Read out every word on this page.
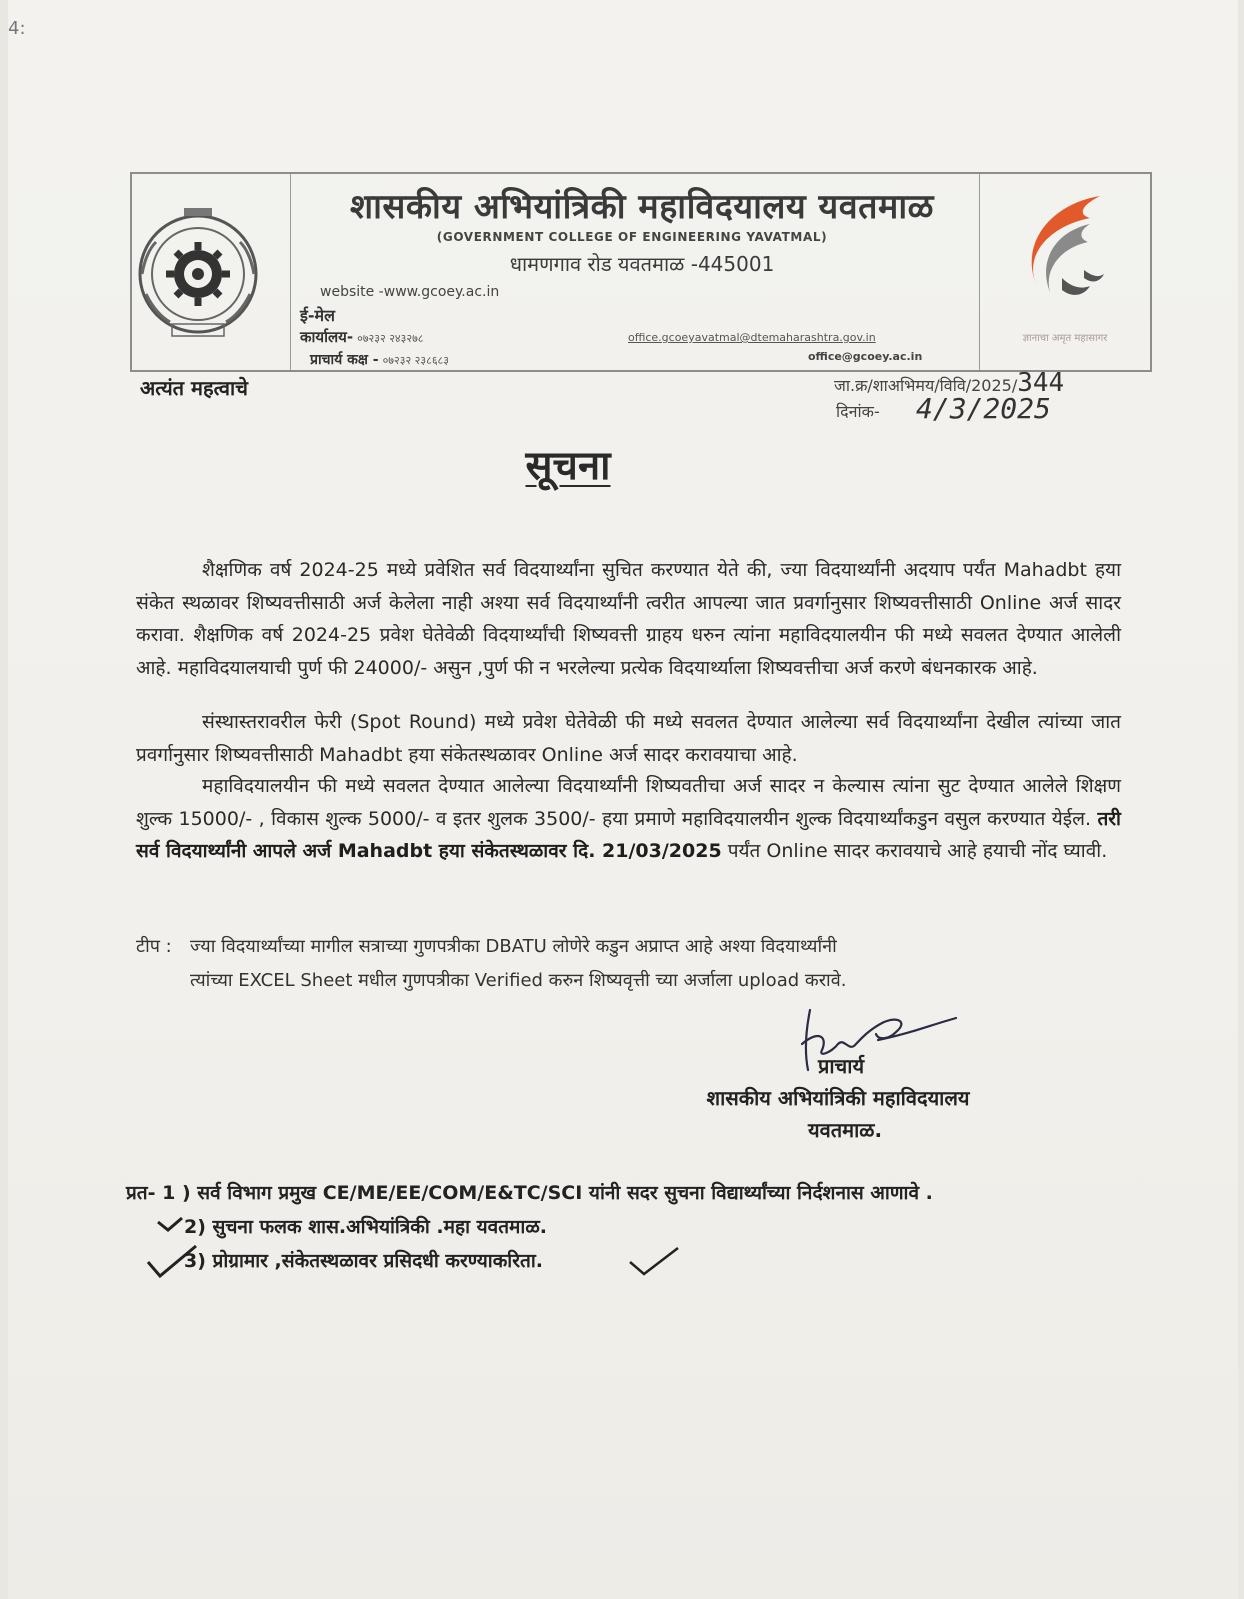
4:
शासकीय अभियांत्रिकी महाविदयालय यवतमाळ
(GOVERNMENT COLLEGE OF ENGINEERING YAVATMAL)
धामणगाव रोड यवतमाळ -445001
website -www.gcoey.ac.in
ई-मेल
कार्यालय- ०७२३२ २४३२७८
प्राचार्य कक्ष - ०७२३२ २३८६८३
office.gcoeyavatmal@dtemaharashtra.gov.in
office@gcoey.ac.in
ज्ञानाचा अमृत महासागर
अत्यंत महत्वाचे	जा.क्र/शाअभिमय/विवि/2025/344
दिनांक- 4/3/2025
सूचना
शैक्षणिक वर्ष 2024-25 मध्ये प्रवेशित सर्व विदयार्थ्यांना सुचित करण्यात येते की, ज्या विदयार्थ्यांनी अदयाप पर्यंत Mahadbt हया संकेत स्थळावर शिष्यवत्तीसाठी अर्ज केलेला नाही अश्या सर्व विदयार्थ्यांनी त्वरीत आपल्या जात प्रवर्गानुसार शिष्यवत्तीसाठी Online अर्ज सादर करावा. शैक्षणिक वर्ष 2024-25 प्रवेश घेतेवेळी विदयार्थ्यांची शिष्यवत्ती ग्राहय धरुन त्यांना महाविदयालयीन फी मध्ये सवलत देण्यात आलेली आहे. महाविदयालयाची पुर्ण फी 24000/- असुन ,पुर्ण फी न भरलेल्या प्रत्येक विदयार्थ्याला शिष्यवत्तीचा अर्ज करणे बंधनकारक आहे.
संस्थास्तरावरील फेरी (Spot Round) मध्ये प्रवेश घेतेवेळी फी मध्ये सवलत देण्यात आलेल्या सर्व विदयार्थ्यांना देखील त्यांच्या जात प्रवर्गानुसार शिष्यवत्तीसाठी Mahadbt हया संकेतस्थळावर Online अर्ज सादर करावयाचा आहे.
महाविदयालयीन फी मध्ये सवलत देण्यात आलेल्या विदयार्थ्यांनी शिष्यवतीचा अर्ज सादर न केल्यास त्यांना सुट देण्यात आलेले शिक्षण शुल्क 15000/- , विकास शुल्क 5000/- व इतर शुलक 3500/- हया प्रमाणे महाविदयालयीन शुल्क विदयार्थ्यांकडुन वसुल करण्यात येईल. तरी सर्व विदयार्थ्यांनी आपले अर्ज Mahadbt हया संकेतस्थळावर दि. 21/03/2025 पर्यंत Online सादर करावयाचे आहे हयाची नोंद घ्यावी.
टीप : ज्या विदयार्थ्यांच्या मागील सत्राच्या गुणपत्रीका DBATU लोणेरे कडुन अप्राप्त आहे अश्या विदयार्थ्यांनी
त्यांच्या EXCEL Sheet मधील गुणपत्रीका Verified करुन शिष्यवृत्ती च्या अर्जाला upload करावे.
प्राचार्य
शासकीय अभियांत्रिकी महाविदयालय
यवतमाळ.
प्रत- 1 ) सर्व विभाग प्रमुख CE/ME/EE/COM/E&TC/SCI यांनी सदर सुचना विद्यार्थ्यांच्या निर्दशनास आणावे .
2) सुचना फलक शास.अभियांत्रिकी .महा यवतमाळ.
3) प्रोग्रामार ,संकेतस्थळावर प्रसिदधी करण्याकरिता.
